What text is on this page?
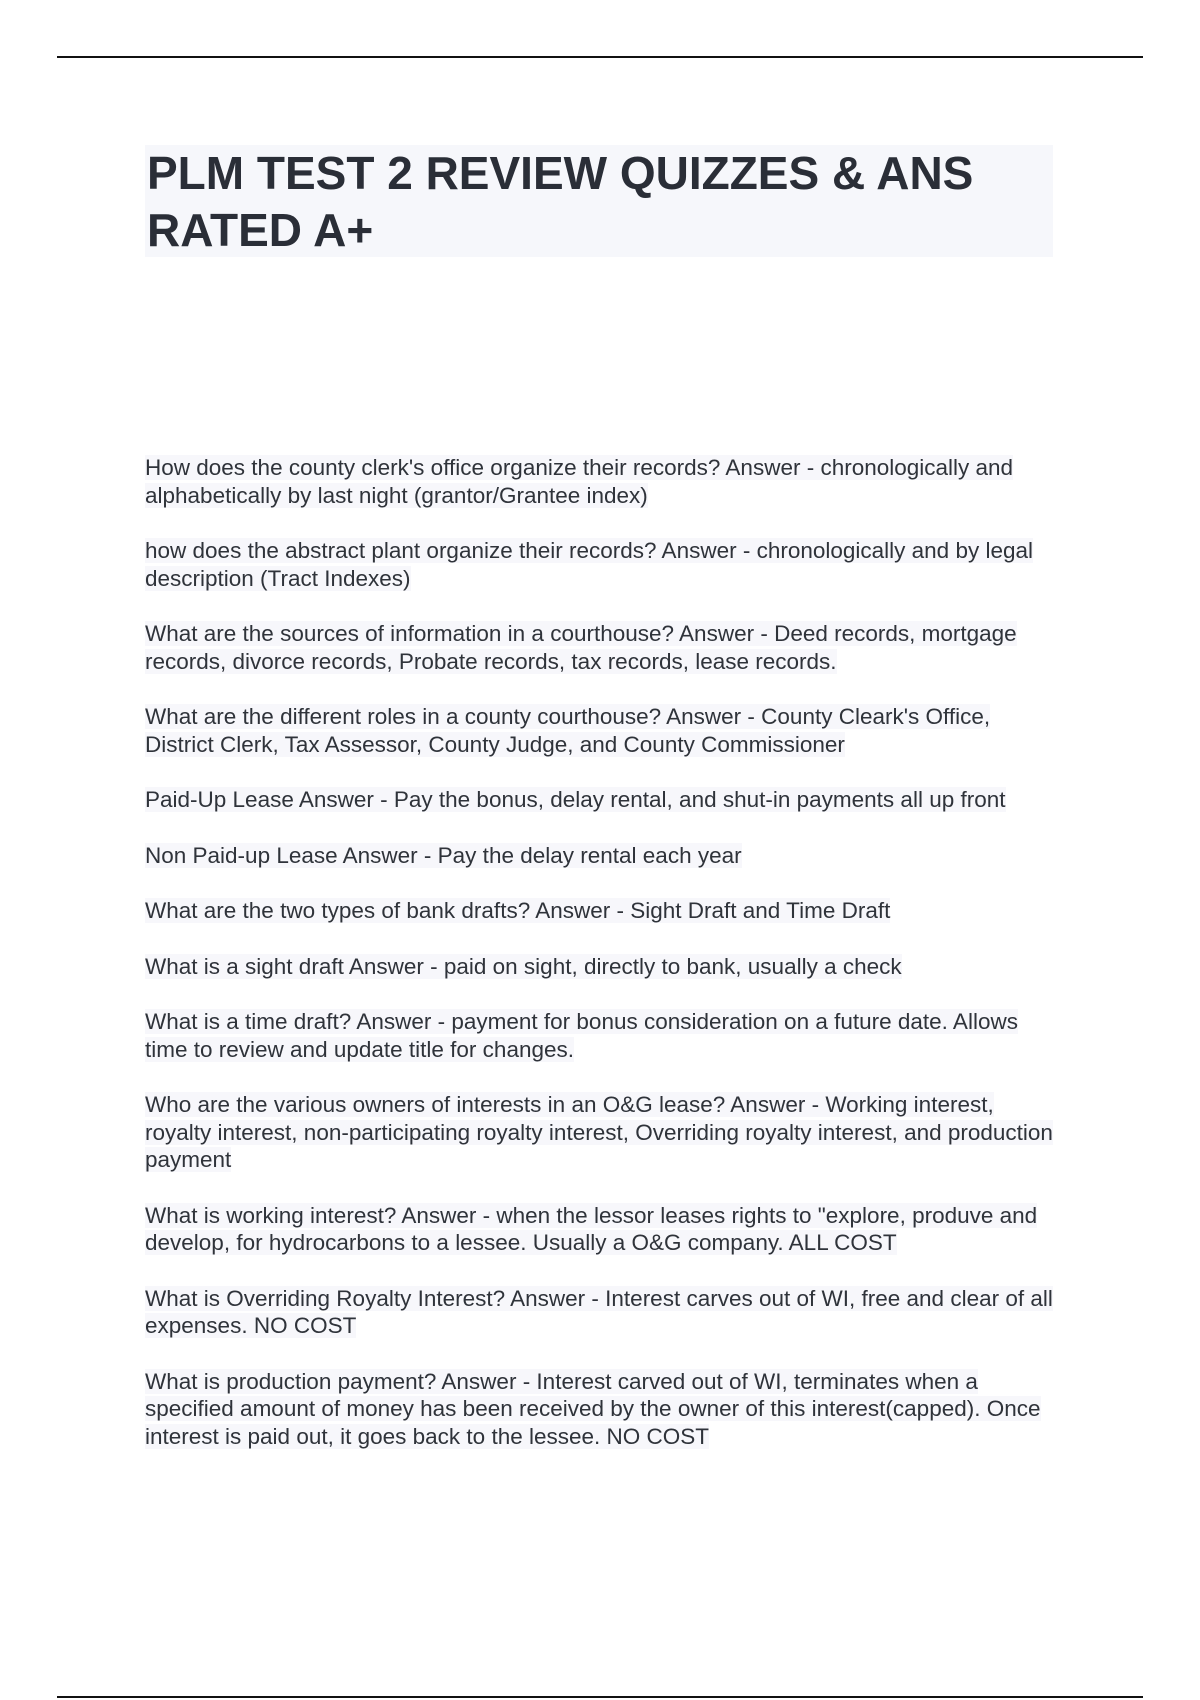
PLM TEST 2 REVIEW QUIZZES & ANS
RATED A+
How does the county clerk's office organize their records? Answer - chronologically and alphabetically by last night (grantor/Grantee index)
how does the abstract plant organize their records? Answer - chronologically and by legal description (Tract Indexes)
What are the sources of information in a courthouse? Answer - Deed records, mortgage records, divorce records, Probate records, tax records, lease records.
What are the different roles in a county courthouse? Answer - County Cleark's Office, District Clerk, Tax Assessor, County Judge, and County Commissioner
Paid-Up Lease Answer - Pay the bonus, delay rental, and shut-in payments all up front
Non Paid-up Lease Answer - Pay the delay rental each year
What are the two types of bank drafts? Answer - Sight Draft and Time Draft
What is a sight draft Answer - paid on sight, directly to bank, usually a check
What is a time draft? Answer - payment for bonus consideration on a future date. Allows time to review and update title for changes.
Who are the various owners of interests in an O&G lease? Answer - Working interest, royalty interest, non-participating royalty interest, Overriding royalty interest, and production payment
What is working interest? Answer - when the lessor leases rights to "explore, produve and develop, for hydrocarbons to a lessee. Usually a O&G company. ALL COST
What is Overriding Royalty Interest? Answer - Interest carves out of WI, free and clear of all expenses. NO COST
What is production payment? Answer - Interest carved out of WI, terminates when a specified amount of money has been received by the owner of this interest(capped). Once interest is paid out, it goes back to the lessee. NO COST
